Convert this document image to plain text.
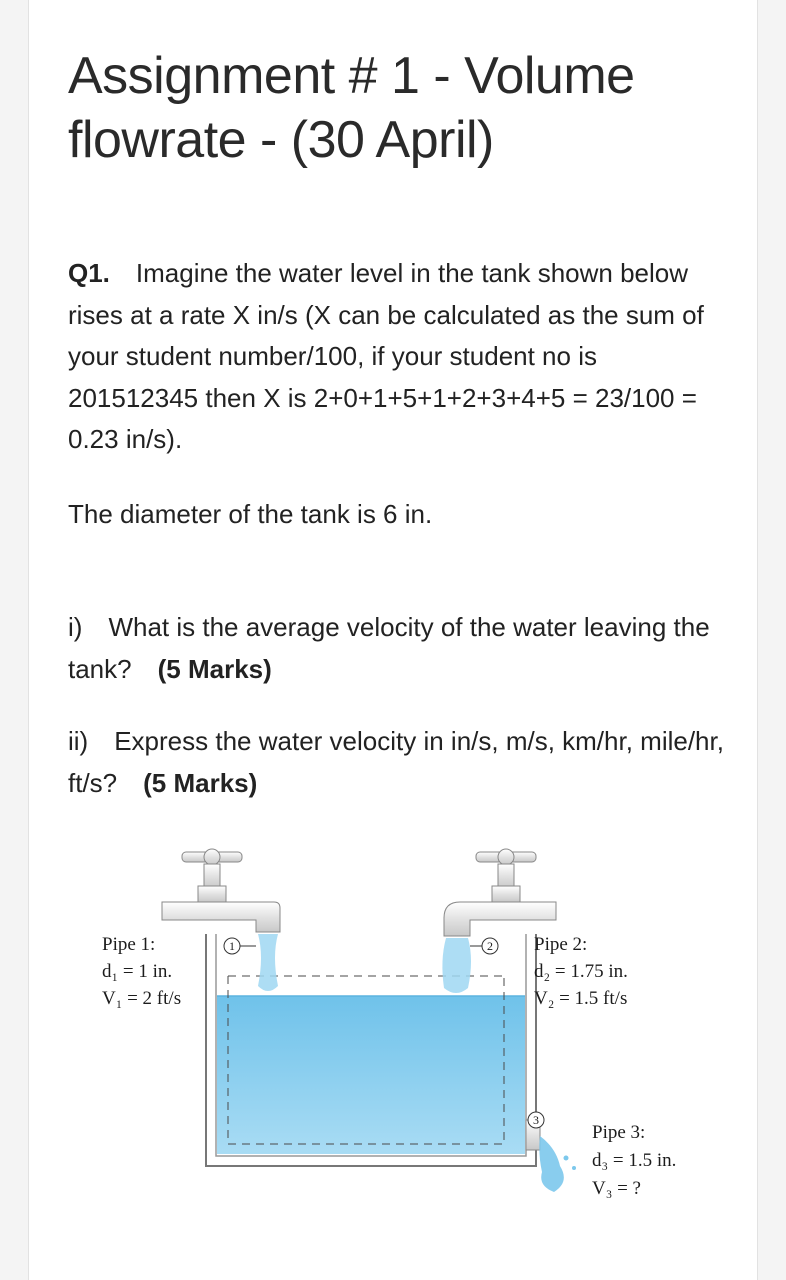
Assignment # 1 - Volume flowrate - (30 April)

Q1. Imagine the water level in the tank shown below rises at a rate X in/s (X can be calculated as the sum of your student number/100, if your student no is 201512345 then X is 2+0+1+5+1+2+3+4+5 = 23/100 = 0.23 in/s).

The diameter of the tank is 6 in.

i) What is the average velocity of the water leaving the tank? (5 Marks)

ii) Express the water velocity in in/s, m/s, km/hr, mile/hr, ft/s? (5 Marks)

1	2
3
Pipe 1:
d₁ = 1 in.
V₁ = 2 ft/s
Pipe 2:
d₂ = 1.75 in.
V₂ = 1.5 ft/s
Pipe 3:
d₃ = 1.5 in.
V₃ = ?
